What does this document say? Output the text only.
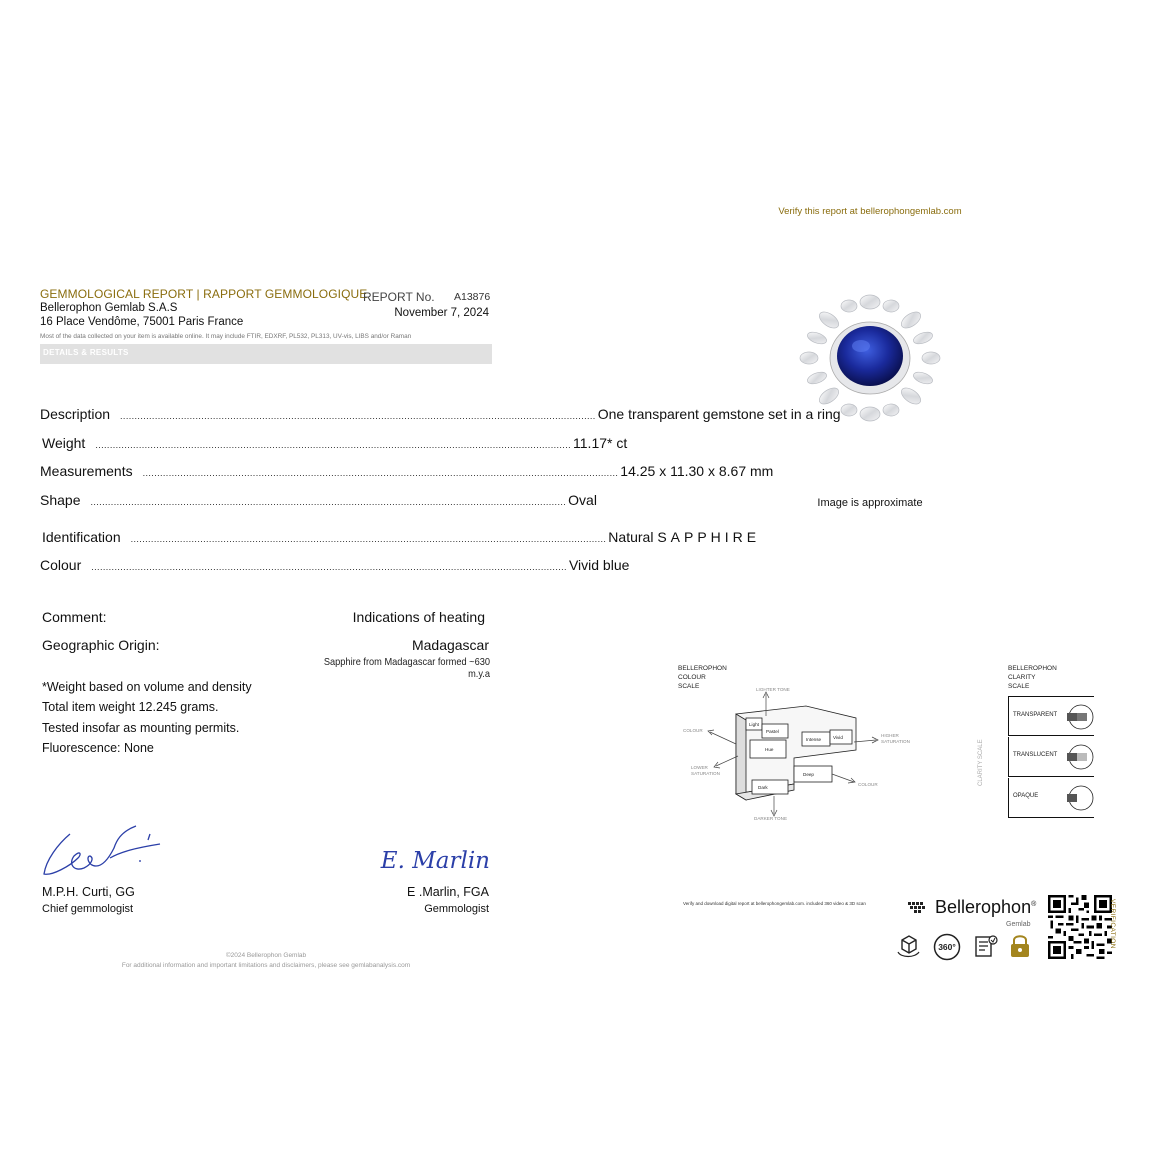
GEMMOLOGICAL REPORT | RAPPORT GEMMOLOGIQUE
Bellerophon Gemlab S.A.S
16 Place Vendôme, 75001 Paris France
Most of the data collected on your item is available online. It may include FTIR, EDXRF, PL532, PL313, UV-vis, LIBS and/or Raman
REPORT No. A13876
November 7, 2024
DETAILS & RESULTS
Description .................................................................................................................................................................... One transparent gemstone set in a ring
Weight .................................................................................................................................................................... 11.17* ct
Measurements .................................................................................................................................................................... 14.25 x 11.30 x 8.67 mm
Shape .................................................................................................................................................................... Oval
Identification .................................................................................................................................................................... Natural SAPPHIRE
Colour .................................................................................................................................................................... Vivid blue
Comment:	Indications of heating
Geographic Origin:	Madagascar
Sapphire from Madagascar formed ~630 m.y.a
*Weight based on volume and density
Total item weight 12.245 grams.
Tested insofar as mounting permits.
Fluorescence: None
M.P.H. Curti, GG
Chief gemmologist
E. Marlin
E .Marlin, FGA
Gemmologist
©2024 Bellerophon Gemlab
For additional information and important limitations and disclaimers, please see gemlabanalysis.com
Verify this report at bellerophongemlab.com
Image is approximate
BELLEROPHON
COLOUR
SCALE	LIGHTER TONE
DARKER TONE
COLOUR
COLOUR
HIGHER
SATURATION
LOWER
SATURATION
Light
Pastel
Hue
Intense	Vivid
Deep
Dark
BELLEROPHON
CLARITY
SCALE
CLARITY SCALE
TRANSPARENT
TRANSLUCENT
OPAQUE
Verify and download digital report at bellerophongemlab.com. included 360 video & 3D scan	Bellerophon®
Gemlab
360°	VERIFICATION
